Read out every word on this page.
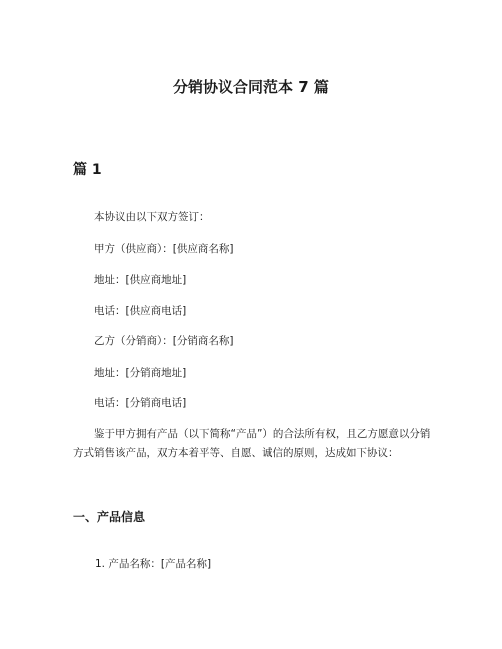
分销协议合同范本 7 篇
篇 1
本协议由以下双方签订：
甲方（供应商）：[供应商名称]
地址：[供应商地址]
电话：[供应商电话]
乙方（分销商）：[分销商名称]
地址：[分销商地址]
电话：[分销商电话]
鉴于甲方拥有产品（以下简称“产品”）的合法所有权，且乙方愿意以分销方式销售该产品，双方本着平等、自愿、诚信的原则，达成如下协议：
一、产品信息
1. 产品名称：[产品名称]
